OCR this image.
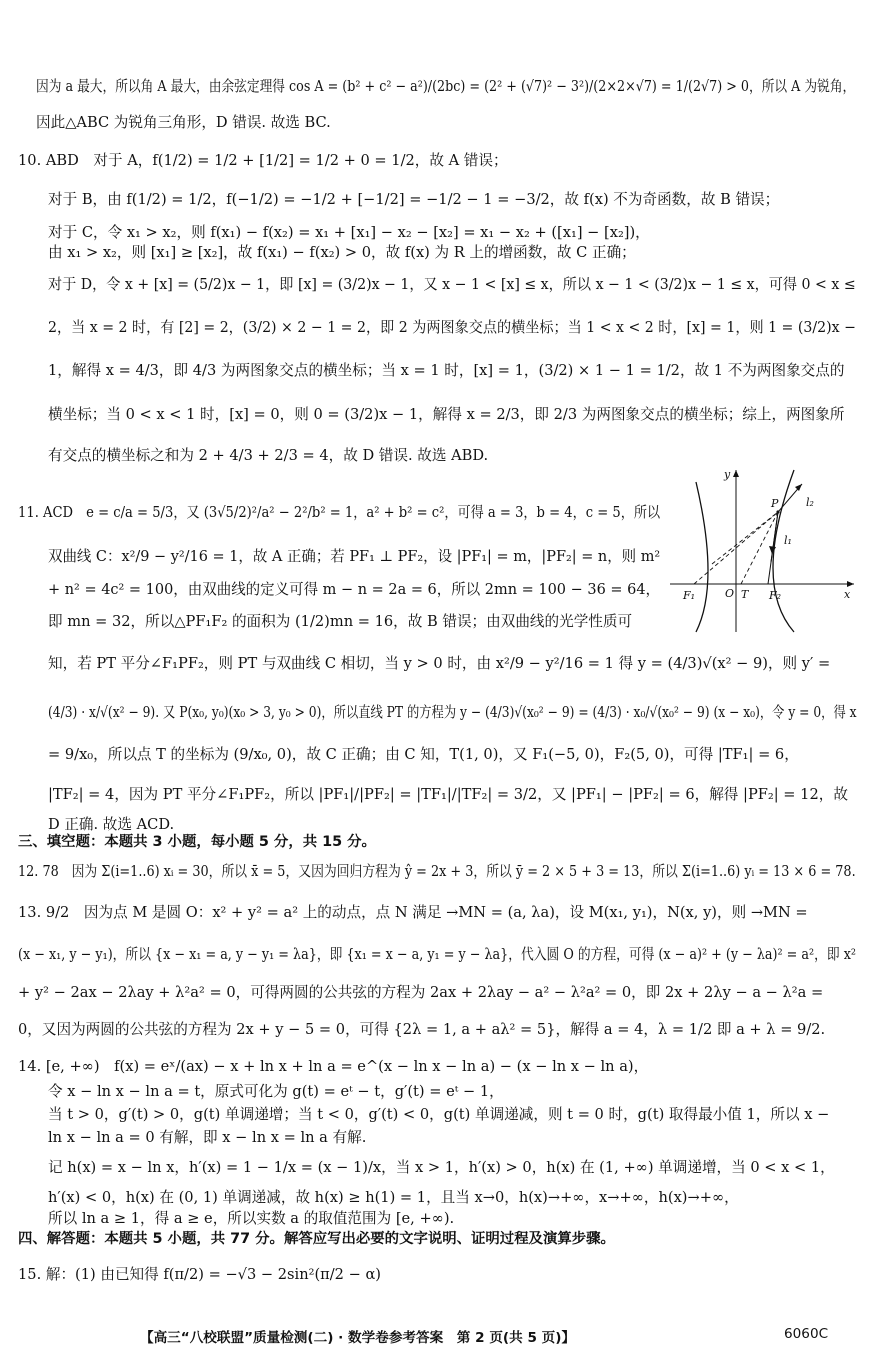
因为 a 最大，所以角 A 最大，由余弦定理得 cos A = (b² + c² − a²)/(2bc) = (2² + (√7)² − 3²)/(2×2×√7) = 1/(2√7) > 0，所以 A 为锐角，
因此△ABC 为锐角三角形，D 错误. 故选 BC.
10. ABD　对于 A，f(1/2) = 1/2 + [1/2] = 1/2 + 0 = 1/2，故 A 错误；
对于 B，由 f(1/2) = 1/2，f(−1/2) = −1/2 + [−1/2] = −1/2 − 1 = −3/2，故 f(x) 不为奇函数，故 B 错误；
对于 C，令 x₁ > x₂，则 f(x₁) − f(x₂) = x₁ + [x₁] − x₂ − [x₂] = x₁ − x₂ + ([x₁] − [x₂])，
由 x₁ > x₂，则 [x₁] ≥ [x₂]，故 f(x₁) − f(x₂) > 0，故 f(x) 为 R 上的增函数，故 C 正确；
对于 D，令 x + [x] = (5/2)x − 1，即 [x] = (3/2)x − 1，又 x − 1 < [x] ≤ x，所以 x − 1 < (3/2)x − 1 ≤ x，可得 0 < x ≤
2，当 x = 2 时，有 [2] = 2，(3/2) × 2 − 1 = 2，即 2 为两图象交点的横坐标；当 1 < x < 2 时，[x] = 1，则 1 = (3/2)x −
1，解得 x = 4/3，即 4/3 为两图象交点的横坐标；当 x = 1 时，[x] = 1，(3/2) × 1 − 1 = 1/2，故 1 不为两图象交点的
横坐标；当 0 < x < 1 时，[x] = 0，则 0 = (3/2)x − 1，解得 x = 2/3，即 2/3 为两图象交点的横坐标；综上，两图象所
有交点的横坐标之和为 2 + 4/3 + 2/3 = 4，故 D 错误. 故选 ABD.
11. ACD　e = c/a = 5/3，又 (3√5/2)²/a² − 2²/b² = 1，a² + b² = c²，可得 a = 3，b = 4，c = 5，所以
双曲线 C：x²/9 − y²/16 = 1，故 A 正确；若 PF₁ ⊥ PF₂，设 |PF₁| = m，|PF₂| = n，则 m²
+ n² = 4c² = 100，由双曲线的定义可得 m − n = 2a = 6，所以 2mn = 100 − 36 = 64，
即 mn = 32，所以△PF₁F₂ 的面积为 (1/2)mn = 16，故 B 错误；由双曲线的光学性质可
知，若 PT 平分∠F₁PF₂，则 PT 与双曲线 C 相切，当 y > 0 时，由 x²/9 − y²/16 = 1 得 y = (4/3)√(x² − 9)，则 y′ =
(4/3) · x/√(x² − 9). 又 P(x₀, y₀)(x₀ > 3, y₀ > 0)，所以直线 PT 的方程为 y − (4/3)√(x₀² − 9) = (4/3) · x₀/√(x₀² − 9) (x − x₀)，令 y = 0，得 x
= 9/x₀，所以点 T 的坐标为 (9/x₀, 0)，故 C 正确；由 C 知，T(1, 0)，又 F₁(−5, 0)，F₂(5, 0)，可得 |TF₁| = 6，
|TF₂| = 4，因为 PT 平分∠F₁PF₂，所以 |PF₁|/|PF₂| = |TF₁|/|TF₂| = 3/2，又 |PF₁| − |PF₂| = 6，解得 |PF₂| = 12，故
D 正确. 故选 ACD.
12. 78　因为 Σ(i=1..6) xᵢ = 30，所以 x̄ = 5，又因为回归方程为 ŷ = 2x + 3，所以 ȳ = 2 × 5 + 3 = 13，所以 Σ(i=1..6) yᵢ = 13 × 6 = 78.
13. 9/2　因为点 M 是圆 O：x² + y² = a² 上的动点，点 N 满足 →MN = (a, λa)，设 M(x₁, y₁)，N(x, y)，则 →MN =
(x − x₁, y − y₁)，所以 {x − x₁ = a, y − y₁ = λa}，即 {x₁ = x − a, y₁ = y − λa}，代入圆 O 的方程，可得 (x − a)² + (y − λa)² = a²，即 x²
+ y² − 2ax − 2λay + λ²a² = 0，可得两圆的公共弦的方程为 2ax + 2λay − a² − λ²a² = 0，即 2x + 2λy − a − λ²a =
0，又因为两圆的公共弦的方程为 2x + y − 5 = 0，可得 {2λ = 1, a + aλ² = 5}，解得 a = 4，λ = 1/2 即 a + λ = 9/2.
14. [e, +∞)　f(x) = eˣ/(ax) − x + ln x + ln a = e^(x − ln x − ln a) − (x − ln x − ln a)，
令 x − ln x − ln a = t，原式可化为 g(t) = eᵗ − t，g′(t) = eᵗ − 1，
当 t > 0，g′(t) > 0，g(t) 单调递增；当 t < 0，g′(t) < 0，g(t) 单调递减，则 t = 0 时，g(t) 取得最小值 1，所以 x −
ln x − ln a = 0 有解，即 x − ln x = ln a 有解.
记 h(x) = x − ln x，h′(x) = 1 − 1/x = (x − 1)/x，当 x > 1，h′(x) > 0，h(x) 在 (1, +∞) 单调递增，当 0 < x < 1，
h′(x) < 0，h(x) 在 (0, 1) 单调递减，故 h(x) ≥ h(1) = 1，且当 x→0，h(x)→+∞，x→+∞，h(x)→+∞，
所以 ln a ≥ 1，得 a ≥ e，所以实数 a 的取值范围为 [e, +∞).
15. 解：(1) 由已知得 f(π/2) = −√3 − 2sin²(π/2 − α)
三、填空题：本题共 3 小题，每小题 5 分，共 15 分。
四、解答题：本题共 5 小题，共 77 分。解答应写出必要的文字说明、证明过程及演算步骤。
y
x
O T
F₁	F₂
P
l₁
l₂
【高三“八校联盟”质量检测(二) · 数学卷参考答案　第 2 页(共 5 页)】	6060C
